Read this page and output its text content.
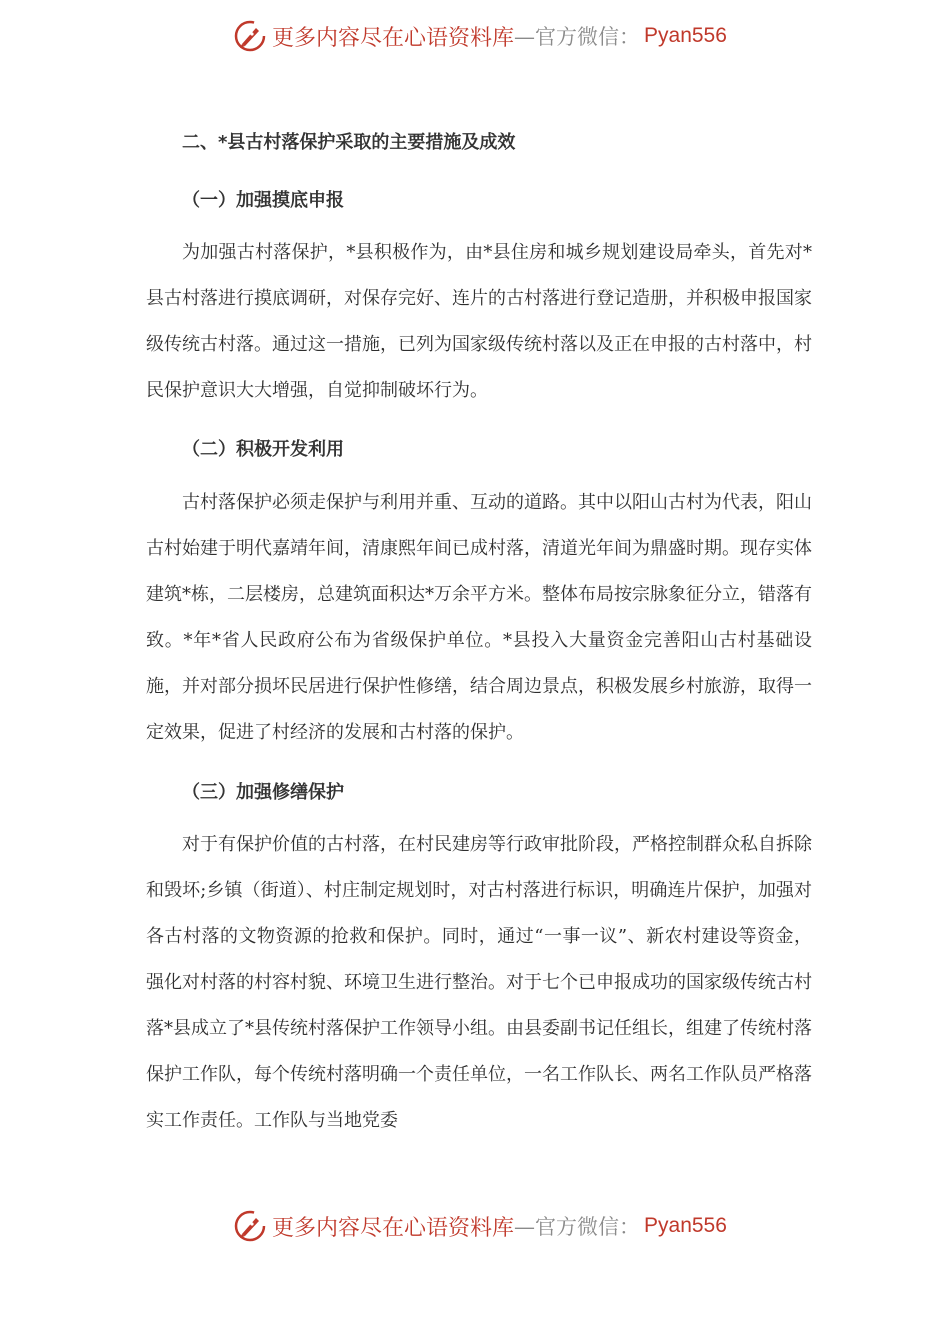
更多内容尽在心语资料库 —官方微信： Pyan556
二、*县古村落保护采取的主要措施及成效
（一）加强摸底申报
为加强古村落保护，*县积极作为，由*县住房和城乡规划建设局牵头，首先对*县古村落进行摸底调研，对保存完好、连片的古村落进行登记造册，并积极申报国家级传统古村落。通过这一措施，已列为国家级传统村落以及正在申报的古村落中，村民保护意识大大增强，自觉抑制破坏行为。
（二）积极开发利用
古村落保护必须走保护与利用并重、互动的道路。其中以阳山古村为代表，阳山古村始建于明代嘉靖年间，清康熙年间已成村落，清道光年间为鼎盛时期。现存实体建筑*栋，二层楼房，总建筑面积达*万余平方米。整体布局按宗脉象征分立，错落有致。*年*省人民政府公布为省级保护单位。*县投入大量资金完善阳山古村基础设施，并对部分损坏民居进行保护性修缮，结合周边景点，积极发展乡村旅游，取得一定效果，促进了村经济的发展和古村落的保护。
（三）加强修缮保护
对于有保护价值的古村落，在村民建房等行政审批阶段，严格控制群众私自拆除和毁坏;乡镇（街道）、村庄制定规划时，对古村落进行标识，明确连片保护，加强对各古村落的文物资源的抢救和保护。同时，通过“一事一议”、新农村建设等资金，强化对村落的村容村貌、环境卫生进行整治。对于七个已申报成功的国家级传统古村落*县成立了*县传统村落保护工作领导小组。由县委副书记任组长，组建了传统村落保护工作队，每个传统村落明确一个责任单位，一名工作队长、两名工作队员严格落实工作责任。工作队与当地党委
更多内容尽在心语资料库 —官方微信： Pyan556
